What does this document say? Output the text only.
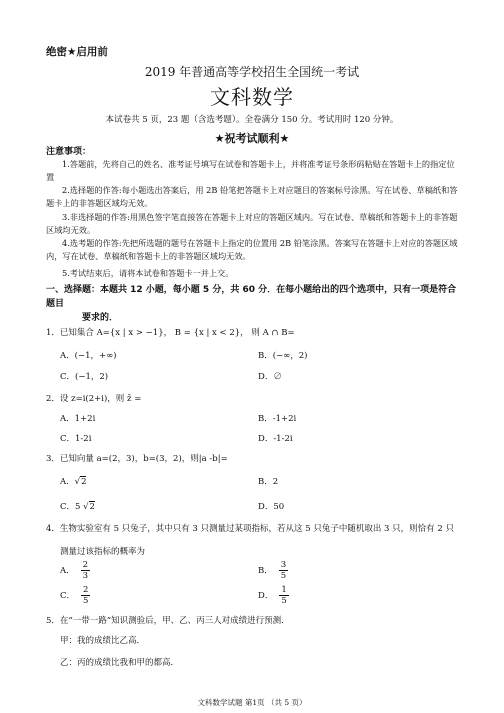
绝密★启用前
2019 年普通高等学校招生全国统一考试
文科数学
本试卷共 5 页，23 题（含选考题）。全卷满分 150 分。考试用时 120 分钟。
★祝考试顺利★
注意事项：
1.答题前，先将自己的姓名、准考证号填写在试卷和答题卡上，并将准考证号条形码粘贴在答题卡上的指定位置
2.选择题的作答:每小题选出答案后，用 2B 铅笔把答题卡上对应题目的答案标号涂黑。写在试卷、草稿纸和答题卡上的非答题区域均无效。
3.非选择题的作答:用黑色签字笔直接答在答题卡上对应的答题区域内。写在试卷、草稿纸和答题卡上的非答题区域均无效。
4.选考题的作答:先把所选题的题号在答题卡上指定的位置用 2B 铅笔涂黑。答案写在答题卡上对应的答题区域内，写在试卷、草稿纸和答题卡上的非答题区域均无效。
5.考试结束后，请将本试卷和答题卡一并上交。
一、选择题：本题共 12 小题，每小题 5 分，共 60 分．在每小题给出的四个选项中，只有一项是符合题目
要求的．
1．已知集合 A={x | x > −1}， B = {x | x < 2}， 则 A ∩ B=
A．(−1，+∞)	B．(−∞，2)
C．(−1，2)	D．∅
2．设 z=i(2+i)，则 z̄ =
A．1+2i	B．-1+2i
C．1-2i	D．-1-2i
3．已知向量 a=(2，3)，b=(3，2)，则|a -b|=
A．√2	B．2
C．5 √2	D．50
4．生物实验室有 5 只兔子，其中只有 3 只测量过某项指标，若从这 5 只兔子中随机取出 3 只，则恰有 2 只
测量过该指标的概率为
A． $\frac{2}{3}$	B． $\frac{3}{5}$
C． $\frac{2}{5}$	D． $\frac{1}{5}$
5．在“一带一路”知识测验后，甲、乙、丙三人对成绩进行预测．
甲：我的成绩比乙高．
乙：丙的成绩比我和甲的都高．
文科数学试题 第1页 （共 5 页）
